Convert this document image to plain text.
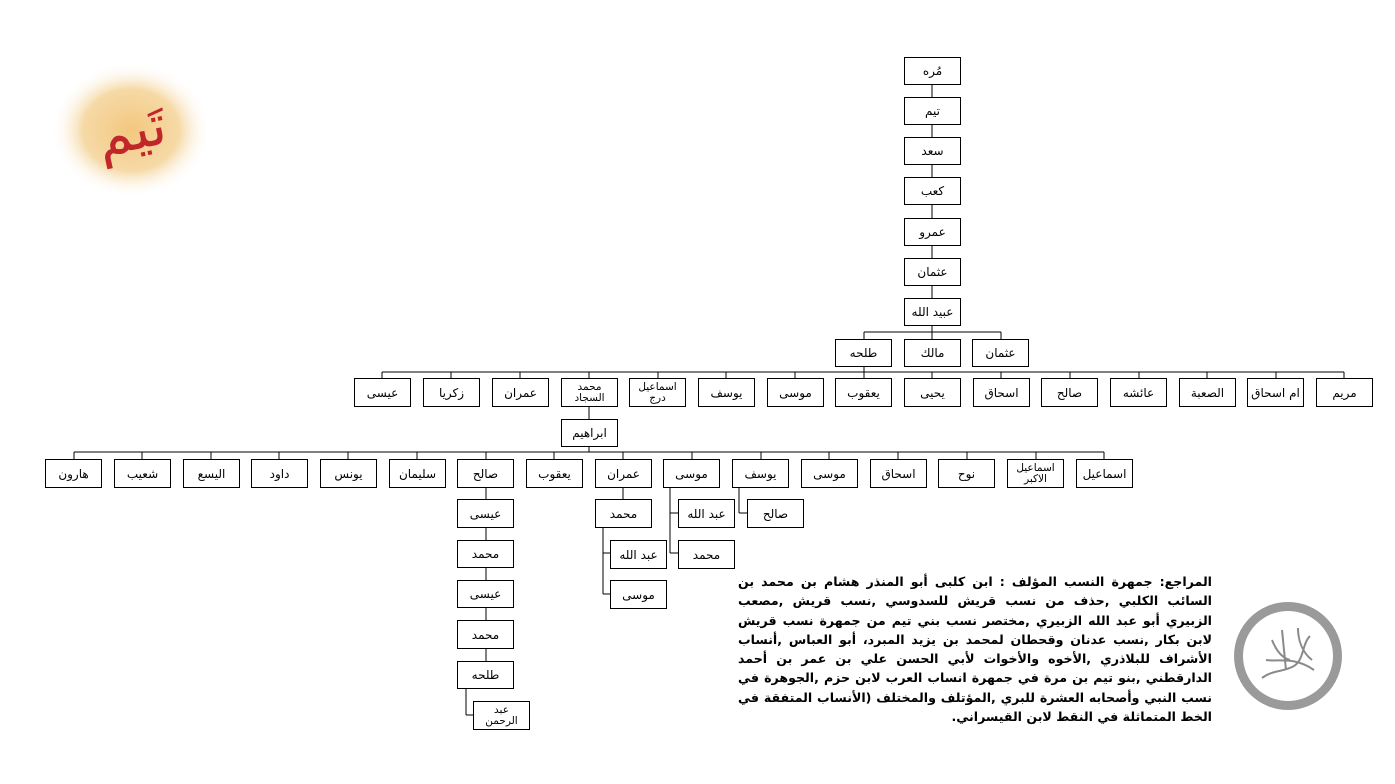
مُره
تيم
سعد
كعب
عمرو
عثمان
عبيد الله
عثمان
مالك
طلحه
مريم
ام اسحاق
الصعبة
عائشه
صالح
اسحاق
يحيى
يعقوب
موسى
يوسف
اسماعيل
درج
محمد
السجاد
عمران
زكريا
عيسى
ابراهيم
اسماعيل
اسماعيل
الاكبر
نوح
اسحاق
موسى
يوسف
موسى
عمران
يعقوب
صالح
سليمان
يونس
داود
اليسع
شعيب
هارون
صالح
عبد الله
محمد
محمد
عبد الله
موسى
عيسى
محمد
عيسى
محمد
طلحه
عبد
الرحمن
تَيم
المراجع: جمهرة النسب المؤلف : ابن كلبى أبو المنذر هشام بن محمد بن السائب الكلبي ,حذف من نسب قريش للسدوسي ,نسب قريش ,مصعب الزبيري أبو عبد الله الزبيري ,مختصر نسب بني تيم من جمهرة نسب قريش لابن بكار ,نسب عدنان وقحطان لمحمد بن يزيد المبرد، أبو العباس ,أنساب الأشراف للبلاذري ,الأخوه والأخوات لأبي الحسن علي بن عمر بن أحمد الدارقطني ,بنو تيم بن مرة في جمهرة انساب العرب لابن حزم ,الجوهرة في نسب النبي وأصحابه العشرة للبري ,المؤتلف والمختلف (الأنساب المتفقة في الخط المتماثلة في النقط لابن القيسراني.
